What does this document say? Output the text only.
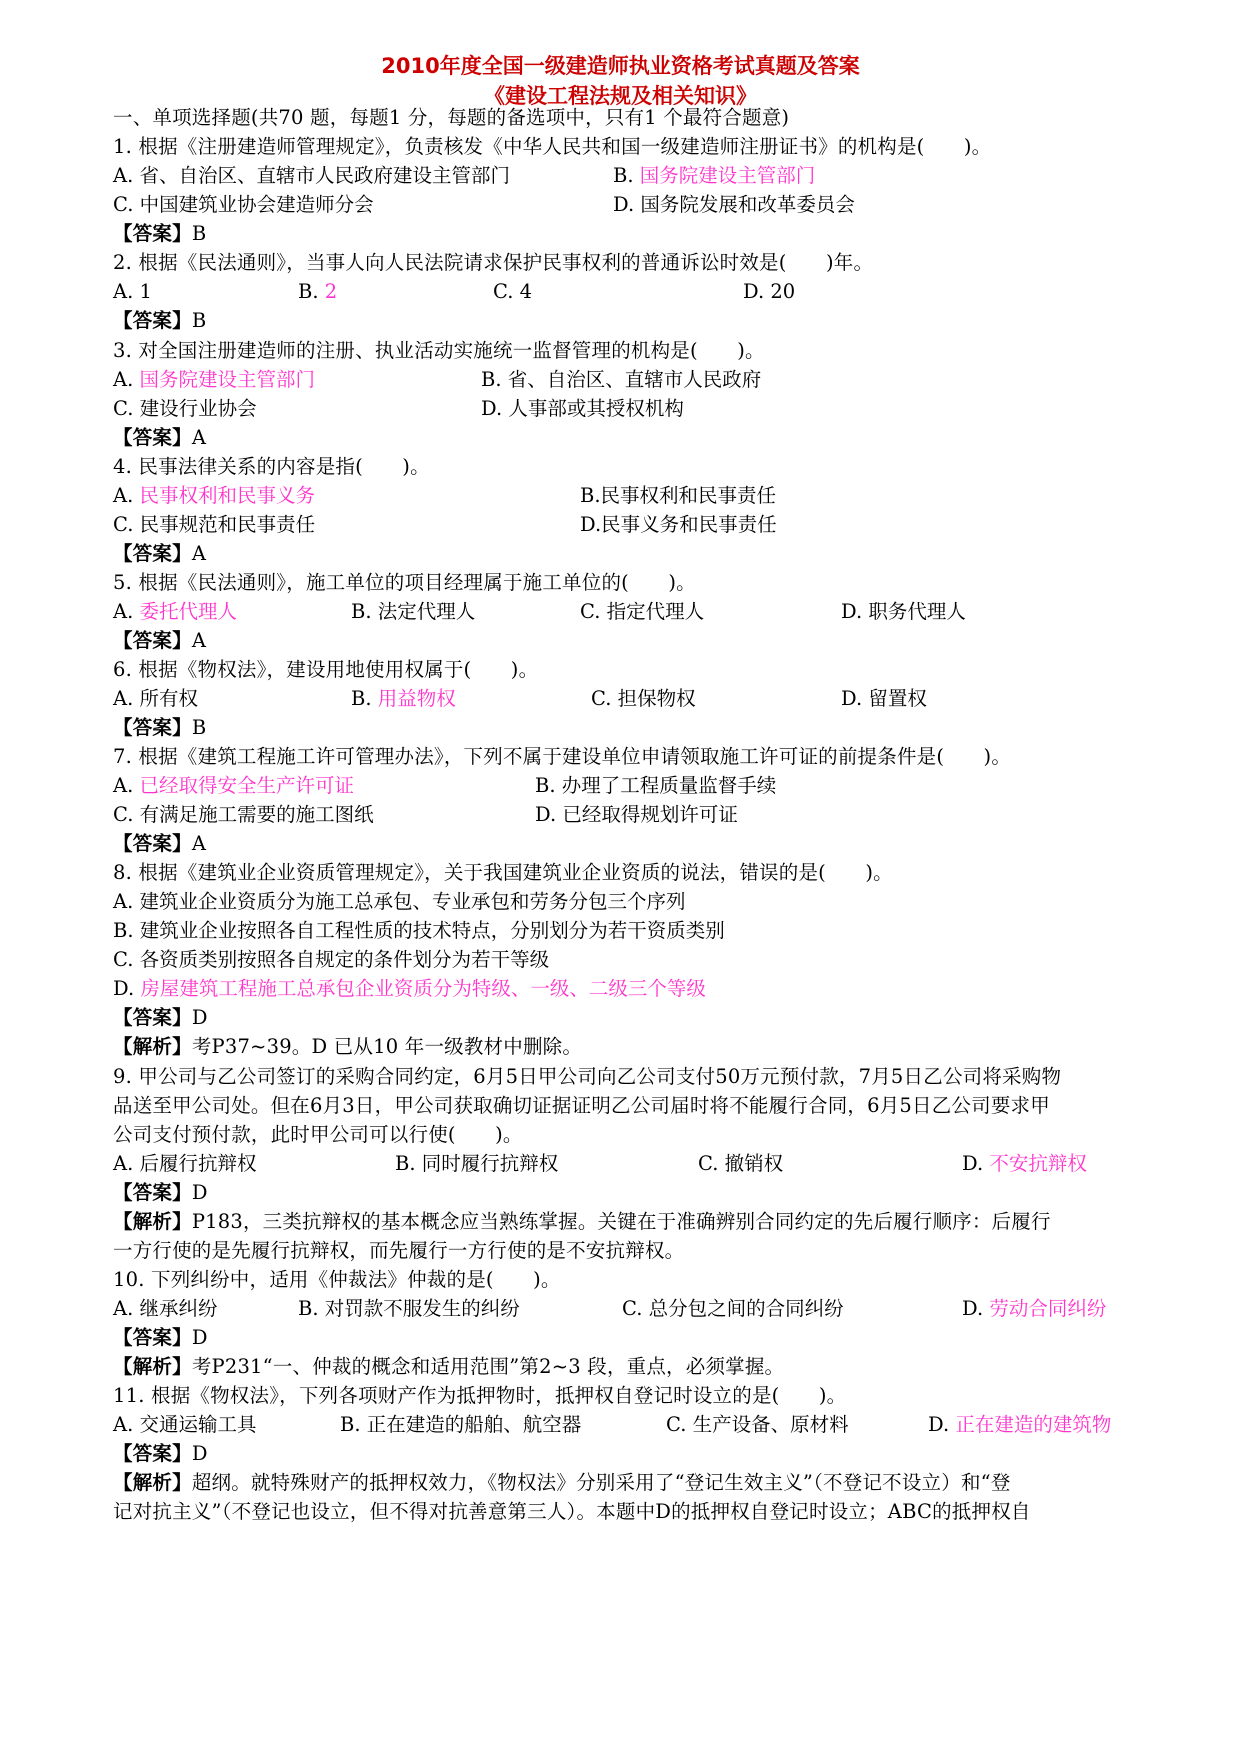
2010年度全国一级建造师执业资格考试真题及答案
《建设工程法规及相关知识》
一、单项选择题(共70 题，每题1 分，每题的备选项中，只有1 个最符合题意)
1. 根据《注册建造师管理规定》，负责核发《中华人民共和国一级建造师注册证书》的机构是(　　)。
A. 省、自治区、直辖市人民政府建设主管部门	B. 国务院建设主管部门
C. 中国建筑业协会建造师分会	D. 国务院发展和改革委员会
【答案】B
2. 根据《民法通则》，当事人向人民法院请求保护民事权利的普通诉讼时效是(　　)年。
A. 1	B. 2	C. 4	D. 20
【答案】B
3. 对全国注册建造师的注册、执业活动实施统一监督管理的机构是(　　)。
A. 国务院建设主管部门	B. 省、自治区、直辖市人民政府
C. 建设行业协会	D. 人事部或其授权机构
【答案】A
4. 民事法律关系的内容是指(　　)。
A. 民事权利和民事义务	B.民事权利和民事责任
C. 民事规范和民事责任	D.民事义务和民事责任
【答案】A
5. 根据《民法通则》，施工单位的项目经理属于施工单位的(　　)。
A. 委托代理人	B. 法定代理人	C. 指定代理人	D. 职务代理人
【答案】A
6. 根据《物权法》，建设用地使用权属于(　　)。
A. 所有权	B. 用益物权	C. 担保物权	D. 留置权
【答案】B
7. 根据《建筑工程施工许可管理办法》，下列不属于建设单位申请领取施工许可证的前提条件是(　　)。
A. 已经取得安全生产许可证	B. 办理了工程质量监督手续
C. 有满足施工需要的施工图纸	D. 已经取得规划许可证
【答案】A
8. 根据《建筑业企业资质管理规定》，关于我国建筑业企业资质的说法，错误的是(　　)。
A. 建筑业企业资质分为施工总承包、专业承包和劳务分包三个序列
B. 建筑业企业按照各自工程性质的技术特点，分别划分为若干资质类别
C. 各资质类别按照各自规定的条件划分为若干等级
D. 房屋建筑工程施工总承包企业资质分为特级、一级、二级三个等级
【答案】D
【解析】考P37~39。D 已从10 年一级教材中删除。
9. 甲公司与乙公司签订的采购合同约定，6月5日甲公司向乙公司支付50万元预付款，7月5日乙公司将采购物
品送至甲公司处。但在6月3日，甲公司获取确切证据证明乙公司届时将不能履行合同，6月5日乙公司要求甲
公司支付预付款，此时甲公司可以行使(　　)。
A. 后履行抗辩权	B. 同时履行抗辩权	C. 撤销权	D. 不安抗辩权
【答案】D
【解析】P183，三类抗辩权的基本概念应当熟练掌握。关键在于准确辨别合同约定的先后履行顺序：后履行
一方行使的是先履行抗辩权，而先履行一方行使的是不安抗辩权。
10. 下列纠纷中，适用《仲裁法》仲裁的是(　　)。
A. 继承纠纷	B. 对罚款不服发生的纠纷	C. 总分包之间的合同纠纷	D. 劳动合同纠纷
【答案】D
【解析】考P231“一、仲裁的概念和适用范围”第2~3 段，重点，必须掌握。
11. 根据《物权法》，下列各项财产作为抵押物时，抵押权自登记时设立的是(　　)。
A. 交通运输工具	B. 正在建造的船舶、航空器	C. 生产设备、原材料	D. 正在建造的建筑物
【答案】D
【解析】超纲。就特殊财产的抵押权效力，《物权法》分别采用了“登记生效主义”（不登记不设立）和“登
记对抗主义”（不登记也设立，但不得对抗善意第三人）。本题中D的抵押权自登记时设立；ABC的抵押权自
